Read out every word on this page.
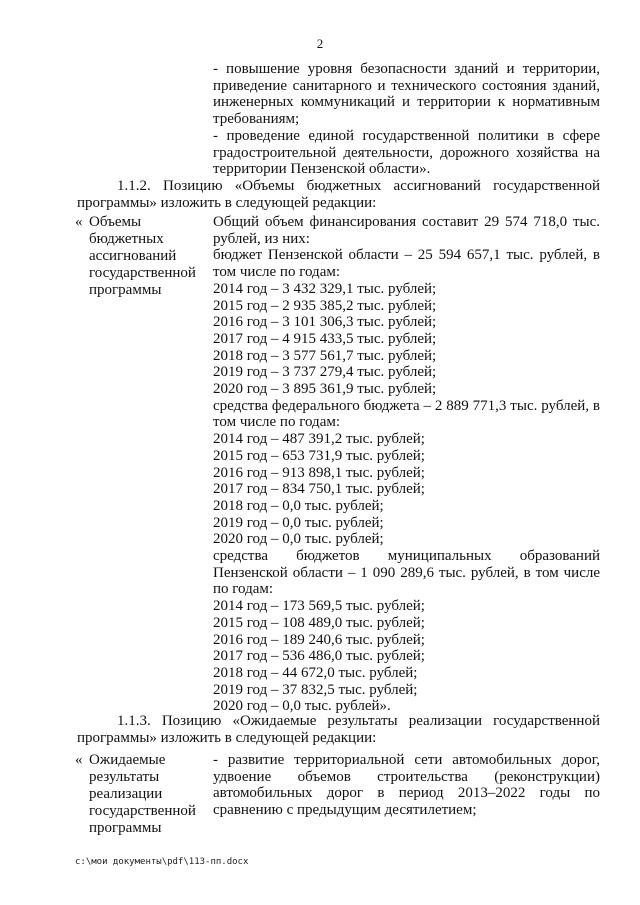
2
- повышение уровня безопасности зданий и территории, приведение санитарного и технического состояния зданий, инженерных коммуникаций и территории к нормативным требованиям;
- проведение единой государственной политики в сфере градостроительной деятельности, дорожного хозяйства на территории Пензенской области».
1.1.2. Позицию «Объемы бюджетных ассигнований государственной программы» изложить в следующей редакции:
« Объемы бюджетных ассигнований государственной программы
Общий объем финансирования составит 29 574 718,0 тыс. рублей, из них:
бюджет Пензенской области – 25 594 657,1 тыс. рублей, в том числе по годам:
2014 год – 3 432 329,1 тыс. рублей;
2015 год – 2 935 385,2 тыс. рублей;
2016 год – 3 101 306,3 тыс. рублей;
2017 год – 4 915 433,5 тыс. рублей;
2018 год – 3 577 561,7 тыс. рублей;
2019 год – 3 737 279,4 тыс. рублей;
2020 год – 3 895 361,9 тыс. рублей;
средства федерального бюджета – 2 889 771,3 тыс. рублей, в том числе по годам:
2014 год – 487 391,2 тыс. рублей;
2015 год – 653 731,9 тыс. рублей;
2016 год – 913 898,1 тыс. рублей;
2017 год – 834 750,1 тыс. рублей;
2018 год – 0,0 тыс. рублей;
2019 год – 0,0 тыс. рублей;
2020 год – 0,0 тыс. рублей;
средства бюджетов муниципальных образований Пензенской области – 1 090 289,6 тыс. рублей, в том числе по годам:
2014 год – 173 569,5 тыс. рублей;
2015 год – 108 489,0 тыс. рублей;
2016 год – 189 240,6 тыс. рублей;
2017 год – 536 486,0 тыс. рублей;
2018 год – 44 672,0 тыс. рублей;
2019 год – 37 832,5 тыс. рублей;
2020 год – 0,0 тыс. рублей».
1.1.3. Позицию «Ожидаемые результаты реализации государственной программы» изложить в следующей редакции:
« Ожидаемые результаты реализации государственной программы
- развитие территориальной сети автомобильных дорог, удвоение объемов строительства (реконструкции) автомобильных дорог в период 2013–2022 годы по сравнению с предыдущим десятилетием;
c:\мои документы\pdf\113-пп.docx
